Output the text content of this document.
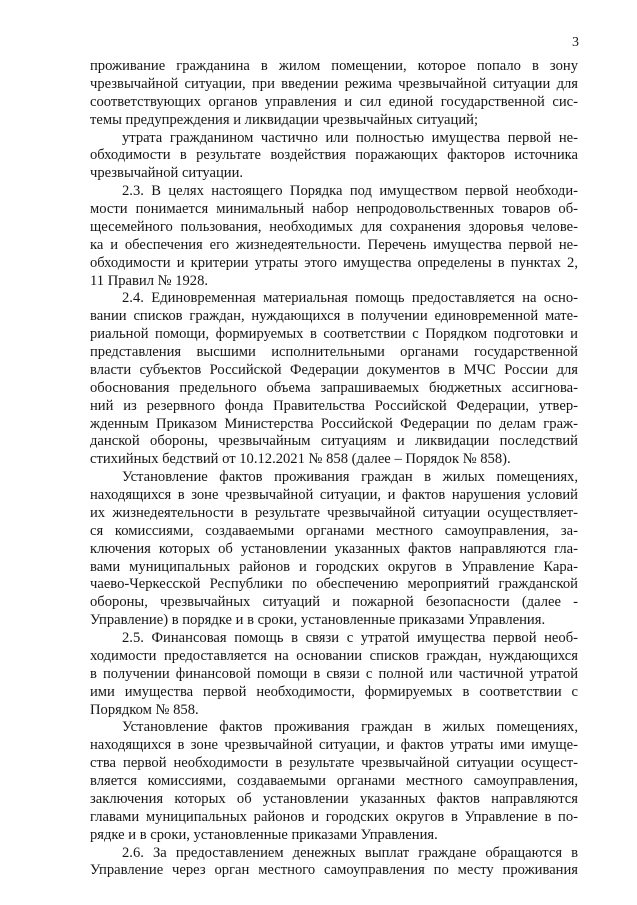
3
проживание гражданина в жилом помещении, которое попало в зону
чрезвычайной ситуации, при введении режима чрезвычайной ситуации для
соответствующих органов управления и сил единой государственной сис-
темы предупреждения и ликвидации чрезвычайных ситуаций;
утрата гражданином частично или полностью имущества первой не-
обходимости в результате воздействия поражающих факторов источника
чрезвычайной ситуации.
2.3. В целях настоящего Порядка под имуществом первой необходи-
мости понимается минимальный набор непродовольственных товаров об-
щесемейного пользования, необходимых для сохранения здоровья челове-
ка и обеспечения его жизнедеятельности. Перечень имущества первой не-
обходимости и критерии утраты этого имущества определены в пунктах 2,
11 Правил № 1928.
2.4. Единовременная материальная помощь предоставляется на осно-
вании списков граждан, нуждающихся в получении единовременной мате-
риальной помощи, формируемых в соответствии с Порядком подготовки и
представления высшими исполнительными органами государственной
власти субъектов Российской Федерации документов в МЧС России для
обоснования предельного объема запрашиваемых бюджетных ассигнова-
ний из резервного фонда Правительства Российской Федерации, утвер-
жденным Приказом Министерства Российской Федерации по делам граж-
данской обороны, чрезвычайным ситуациям и ликвидации последствий
стихийных бедствий от 10.12.2021 № 858 (далее – Порядок № 858).
Установление фактов проживания граждан в жилых помещениях,
находящихся в зоне чрезвычайной ситуации, и фактов нарушения условий
их жизнедеятельности в результате чрезвычайной ситуации осуществляет-
ся комиссиями, создаваемыми органами местного самоуправления, за-
ключения которых об установлении указанных фактов направляются гла-
вами муниципальных районов и городских округов в Управление Кара-
чаево-Черкесской Республики по обеспечению мероприятий гражданской
обороны, чрезвычайных ситуаций и пожарной безопасности (далее -
Управление) в порядке и в сроки, установленные приказами Управления.
2.5. Финансовая помощь в связи с утратой имущества первой необ-
ходимости предоставляется на основании списков граждан, нуждающихся
в получении финансовой помощи в связи с полной или частичной утратой
ими имущества первой необходимости, формируемых в соответствии с
Порядком № 858.
Установление фактов проживания граждан в жилых помещениях,
находящихся в зоне чрезвычайной ситуации, и фактов утраты ими имуще-
ства первой необходимости в результате чрезвычайной ситуации осущест-
вляется комиссиями, создаваемыми органами местного самоуправления,
заключения которых об установлении указанных фактов направляются
главами муниципальных районов и городских округов в Управление в по-
рядке и в сроки, установленные приказами Управления.
2.6. За предоставлением денежных выплат граждане обращаются в
Управление через орган местного самоуправления по месту проживания
